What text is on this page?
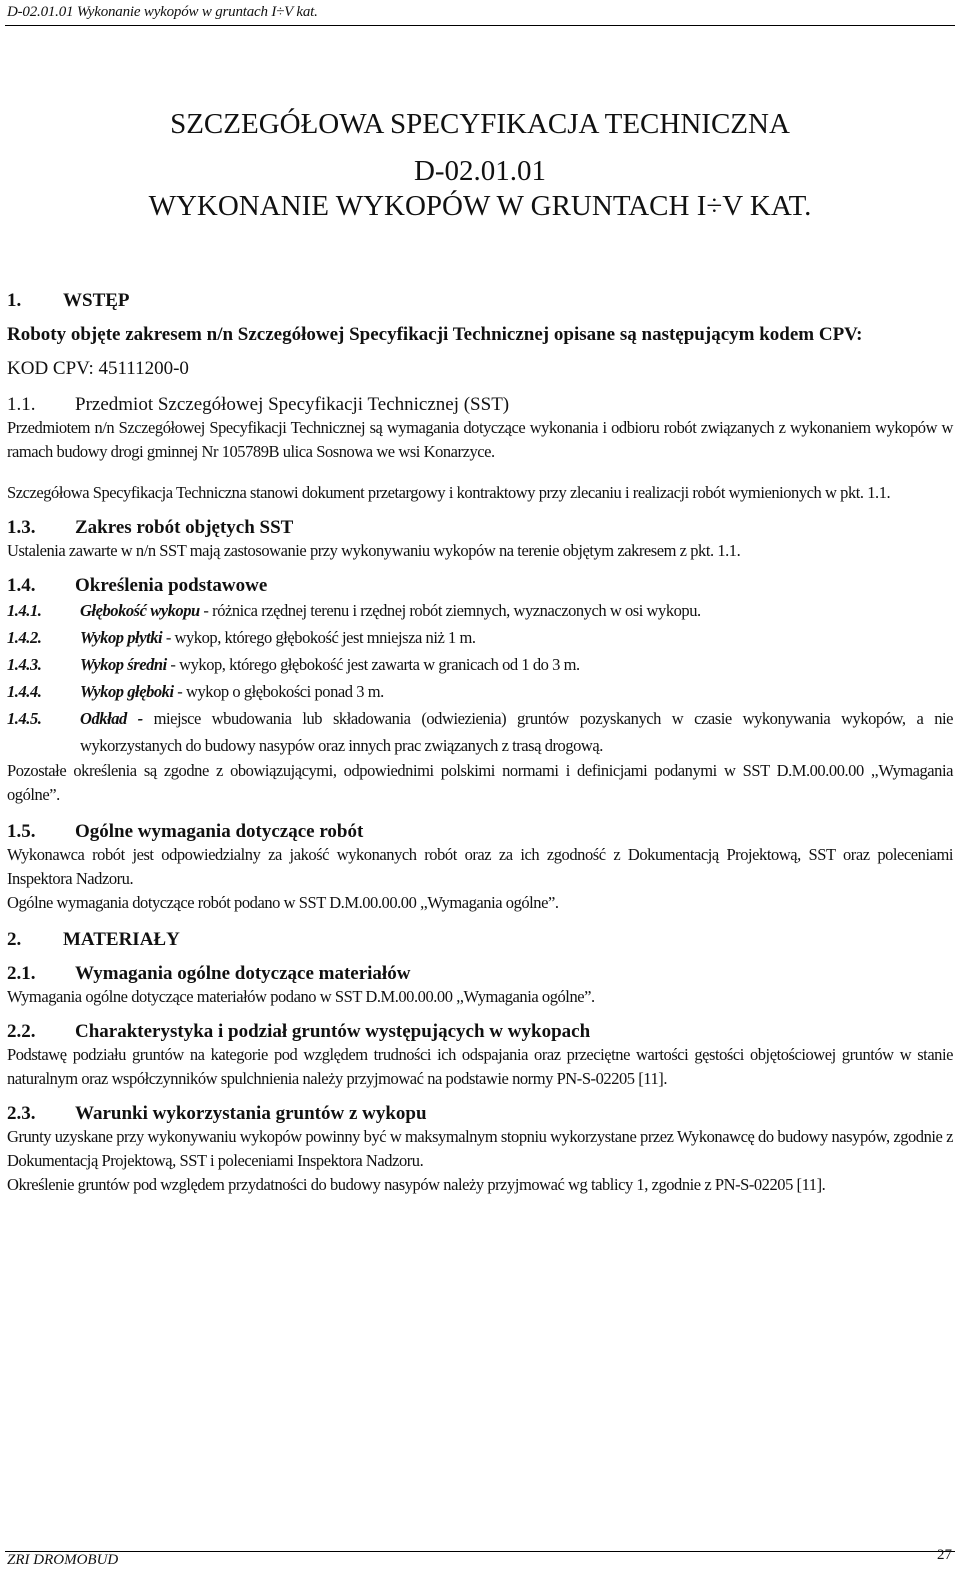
D-02.01.01 Wykonanie wykopów w gruntach I÷V kat.
SZCZEGÓŁOWA SPECYFIKACJA TECHNICZNA
D-02.01.01
WYKONANIE WYKOPÓW W GRUNTACH I÷V KAT.
1. WSTĘP
Roboty objęte zakresem n/n Szczegółowej Specyfikacji Technicznej opisane są następującym kodem CPV:
KOD CPV: 45111200-0
1.1. Przedmiot Szczegółowej Specyfikacji Technicznej (SST)
Przedmiotem n/n Szczegółowej Specyfikacji Technicznej są wymagania dotyczące wykonania i odbioru robót związanych z wykonaniem wykopów w ramach budowy drogi gminnej Nr 105789B ulica Sosnowa we wsi Konarzyce.
Szczegółowa Specyfikacja Techniczna stanowi dokument przetargowy i kontraktowy przy zlecaniu i realizacji robót wymienionych w pkt. 1.1.
1.3. Zakres robót objętych SST
Ustalenia zawarte w n/n SST mają zastosowanie przy wykonywaniu wykopów na terenie objętym zakresem z pkt. 1.1.
1.4. Określenia podstawowe
1.4.1.	Głębokość wykopu - różnica rzędnej terenu i rzędnej robót ziemnych, wyznaczonych w osi wykopu.
1.4.2.	Wykop płytki - wykop, którego głębokość jest mniejsza niż 1 m.
1.4.3.	Wykop średni - wykop, którego głębokość jest zawarta w granicach od 1 do 3 m.
1.4.4.	Wykop głęboki - wykop o głębokości ponad 3 m.
1.4.5.	Odkład - miejsce wbudowania lub składowania (odwiezienia) gruntów pozyskanych w czasie wykonywania wykopów, a nie wykorzystanych do budowy nasypów oraz innych prac związanych z trasą drogową.
Pozostałe określenia są zgodne z obowiązującymi, odpowiednimi polskimi normami i definicjami podanymi w SST D.M.00.00.00 ,,Wymagania ogólne”.
1.5. Ogólne wymagania dotyczące robót
Wykonawca robót jest odpowiedzialny za jakość wykonanych robót oraz za ich zgodność z Dokumentacją Projektową, SST oraz poleceniami Inspektora Nadzoru.
Ogólne wymagania dotyczące robót podano w SST D.M.00.00.00 ,,Wymagania ogólne”.
2. MATERIAŁY
2.1. Wymagania ogólne dotyczące materiałów
Wymagania ogólne dotyczące materiałów podano w SST D.M.00.00.00 ,,Wymagania ogólne”.
2.2. Charakterystyka i podział gruntów występujących w wykopach
Podstawę podziału gruntów na kategorie pod względem trudności ich odspajania oraz przeciętne wartości gęstości objętościowej gruntów w stanie naturalnym oraz współczynników spulchnienia należy przyjmować na podstawie normy PN-S-02205 [11].
2.3. Warunki wykorzystania gruntów z wykopu
Grunty uzyskane przy wykonywaniu wykopów powinny być w maksymalnym stopniu wykorzystane przez Wykonawcę do budowy nasypów, zgodnie z Dokumentacją Projektową, SST i poleceniami Inspektora Nadzoru.
Określenie gruntów pod względem przydatności do budowy nasypów należy przyjmować wg tablicy 1, zgodnie z PN-S-02205 [11].
ZRI DROMOBUD	27
